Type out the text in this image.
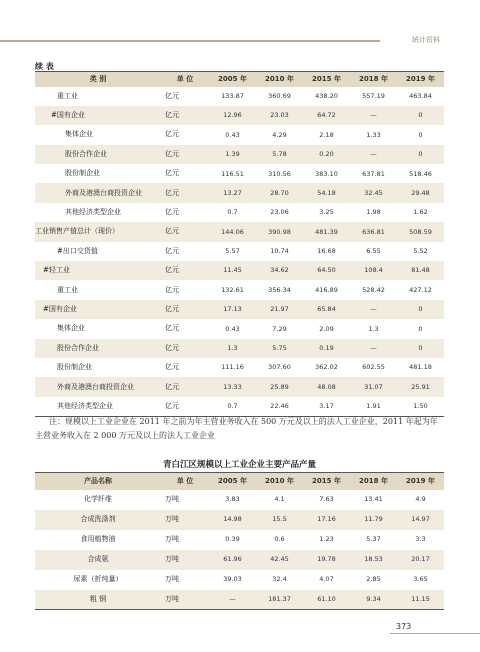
统计资料
续 表
类 别	单 位	2005 年	2010 年	2015 年	2018 年	2019 年
重工业	亿元	133.87	360.69	438.20	557.19	463.84
#国有企业	亿元	12.96	23.03	64.72	—	0
集体企业	亿元	0.43	4.29	2.18	1.33	0
股份合作企业	亿元	1.39	5.78	0.20	—	0
股份制企业	亿元	116.51	310.56	383.10	637.81	518.46
外商及港澳台商投资企业	亿元	13.27	28.70	54.18	32.45	29.48
其他经济类型企业	亿元	0.7	23.06	3.25	1.98	1.62
工业销售产值总计（现价）	亿元	144.06	390.98	481.39	636.81	508.59
#出口交货值	亿元	5.57	10.74	16.68	6.55	5.52
#轻工业	亿元	11.45	34.62	64.50	108.4	81.48
重工业	亿元	132.61	356.34	416.89	528.42	427.12
#国有企业	亿元	17.13	21.97	65.84	—	0
集体企业	亿元	0.43	7.29	2.09	1.3	0
股份合作企业	亿元	1.3	5.75	0.19	—	0
股份制企业	亿元	111.16	307.60	362.02	602.55	481.18
外商及港澳台商投资企业	亿元	13.33	25.89	48.08	31.07	25.91
其他经济类型企业	亿元	0.7	22.46	3.17	1.91	1.50

注：规模以上工业企业在 2011 年之前为年主营业务收入在 500 万元及以上的法人工业企业，2011 年起为年主营业务收入在 2 000 万元及以上的法人工业企业

青白江区规模以上工业企业主要产品产量
产品名称	单 位	2005 年	2010 年	2015 年	2018 年	2019 年
化学纤维	万吨	3.83	4.1	7.63	13.41	4.9
合成洗涤剂	万吨	14.98	15.5	17.16	11.79	14.97
食用植物油	万吨	0.39	0.6	1.23	5.37	3.3
合成氨	万吨	61.96	42.45	19.78	18.53	20.17
尿素（折纯量）	万吨	39.03	32.4	4.07	2.85	3.65
粗 钢	万吨	—	181.37	61.10	9.34	11.15
373
